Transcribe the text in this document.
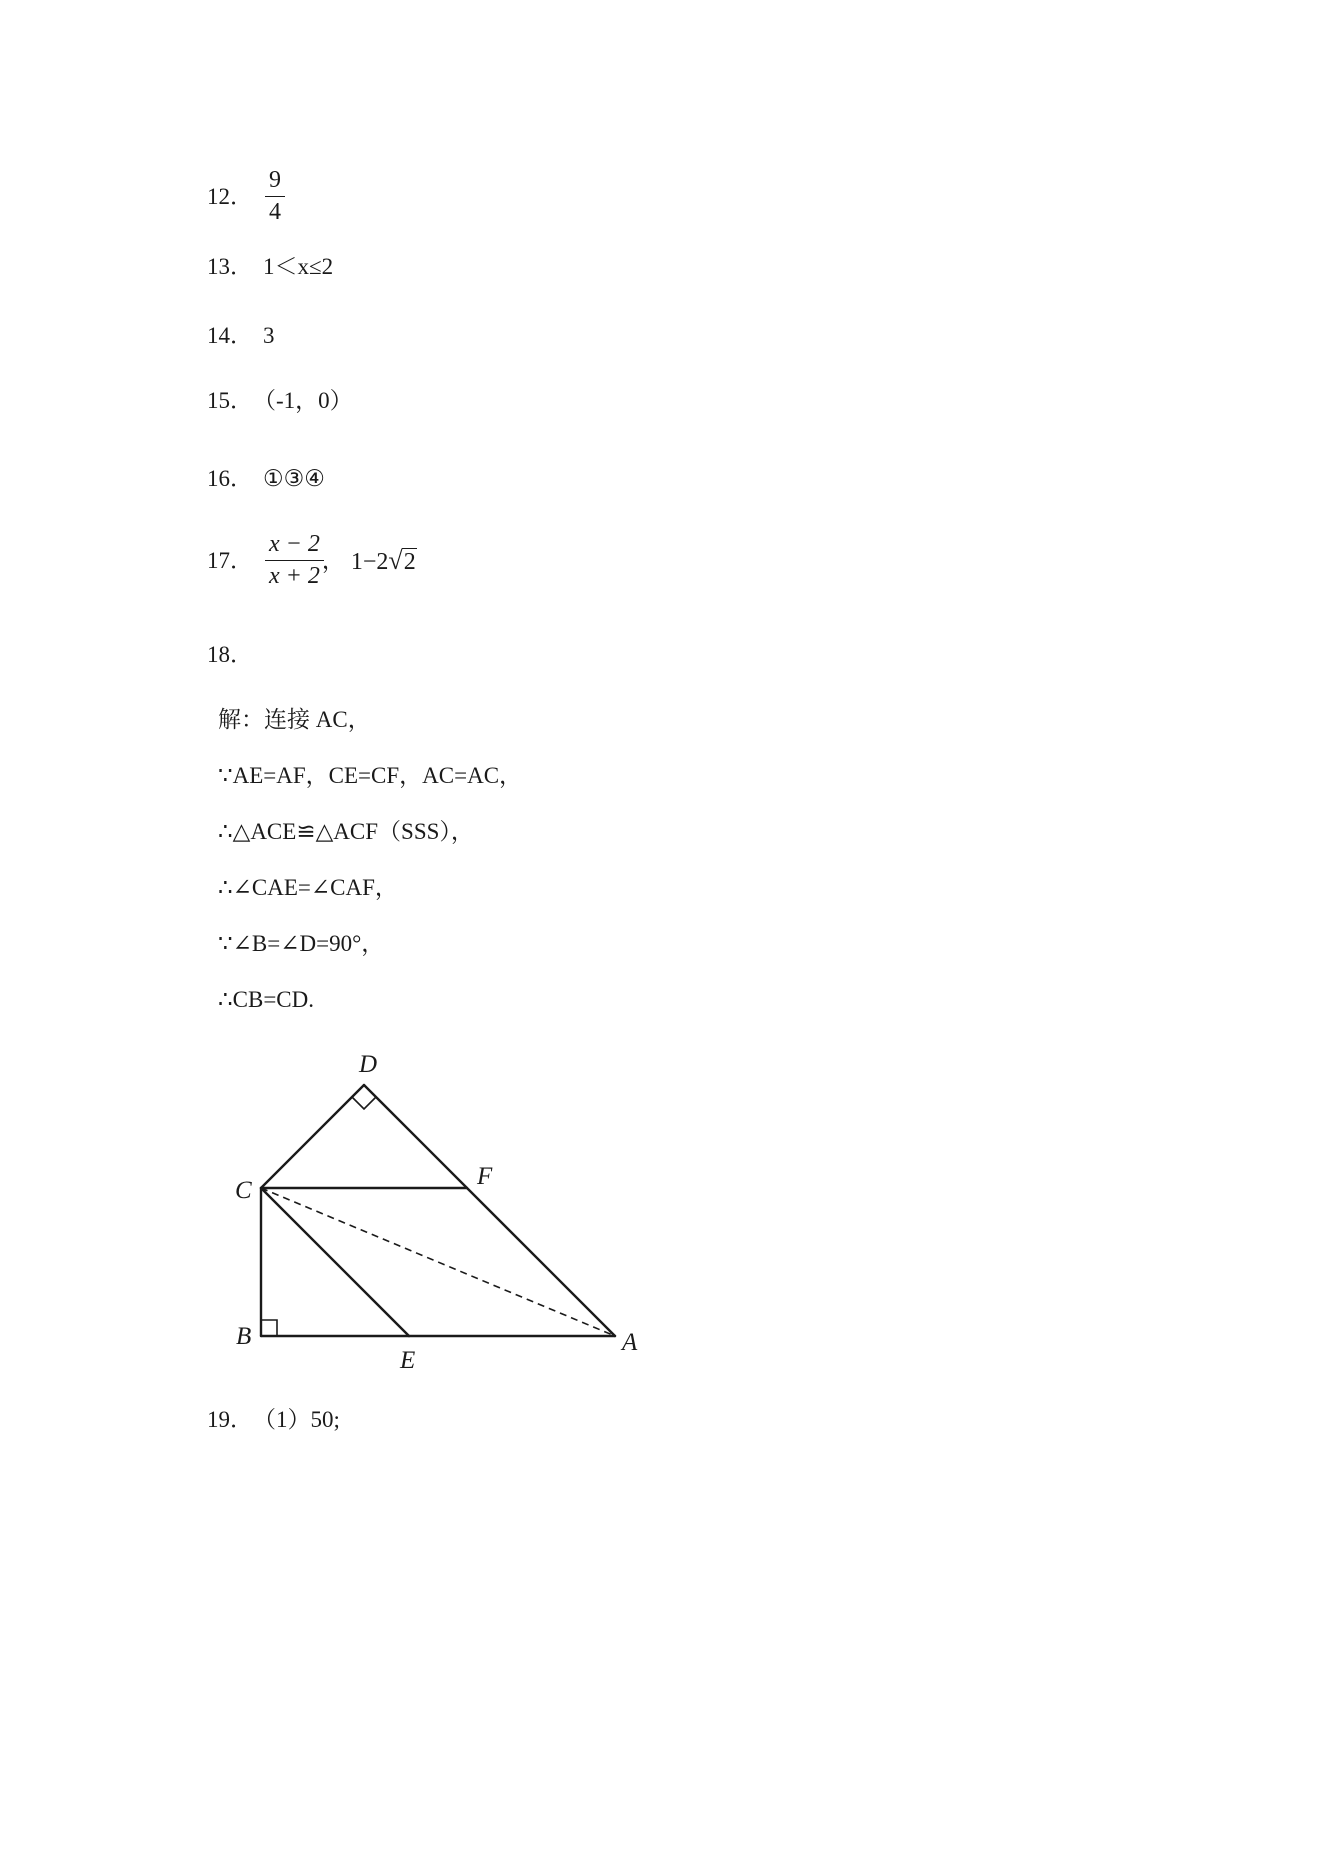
12． $\frac{9}{4}$
13． 1＜x≤2
14． 3
15．（-1，0）
16． ①③④
17． $\frac{x - 2}{x + 2}$ ， 1−2√2
18．
解：连接 AC，
∵AE=AF，CE=CF，AC=AC，
∴△ACE≌△ACF（SSS），
∴∠CAE=∠CAF，
∵∠B=∠D=90°，
∴CB=CD.
D
C
F
B
E
A
19．（1）50;
